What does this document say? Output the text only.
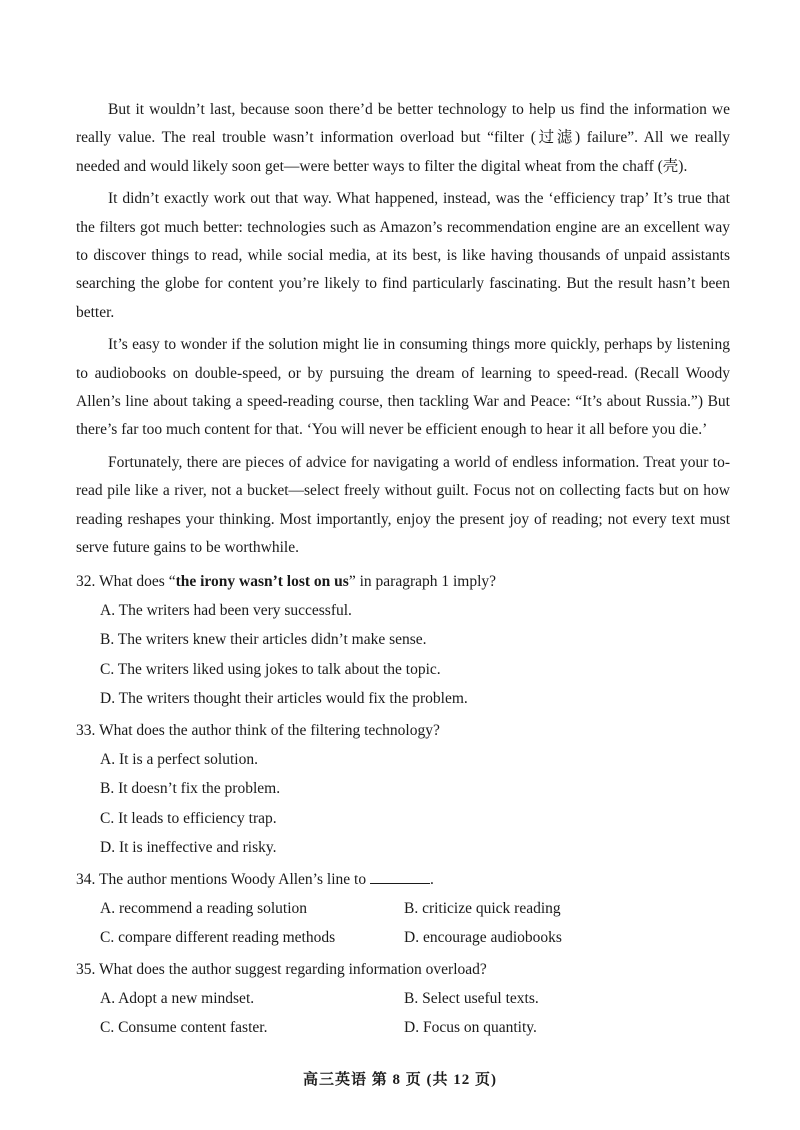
But it wouldn’t last, because soon there’d be better technology to help us find the information we really value. The real trouble wasn’t information overload but “filter (过滤) failure”. All we really needed and would likely soon get—were better ways to filter the digital wheat from the chaff (壳).

It didn’t exactly work out that way. What happened, instead, was the ‘efficiency trap’ It’s true that the filters got much better: technologies such as Amazon’s recommendation engine are an excellent way to discover things to read, while social media, at its best, is like having thousands of unpaid assistants searching the globe for content you’re likely to find particularly fascinating. But the result hasn’t been better.

It’s easy to wonder if the solution might lie in consuming things more quickly, perhaps by listening to audiobooks on double-speed, or by pursuing the dream of learning to speed-read. (Recall Woody Allen’s line about taking a speed-reading course, then tackling War and Peace: “It’s about Russia.”) But there’s far too much content for that. ‘You will never be efficient enough to hear it all before you die.’

Fortunately, there are pieces of advice for navigating a world of endless information. Treat your to-read pile like a river, not a bucket—select freely without guilt. Focus not on collecting facts but on how reading reshapes your thinking. Most importantly, enjoy the present joy of reading; not every text must serve future gains to be worthwhile.

32. What does “the irony wasn’t lost on us” in paragraph 1 imply?

A. The writers had been very successful.

B. The writers knew their articles didn’t make sense.

C. The writers liked using jokes to talk about the topic.

D. The writers thought their articles would fix the problem.

33. What does the author think of the filtering technology?

A. It is a perfect solution.

B. It doesn’t fix the problem.

C. It leads to efficiency trap.

D. It is ineffective and risky.

34. The author mentions Woody Allen’s line to	.

A. recommend a reading solution	B. criticize quick reading
C. compare different reading methods	D. encourage audiobooks

35. What does the author suggest regarding information overload?

A. Adopt a new mindset.	B. Select useful texts.
C. Consume content faster.	D. Focus on quantity.
高三英语 第 8 页 (共 12 页)
